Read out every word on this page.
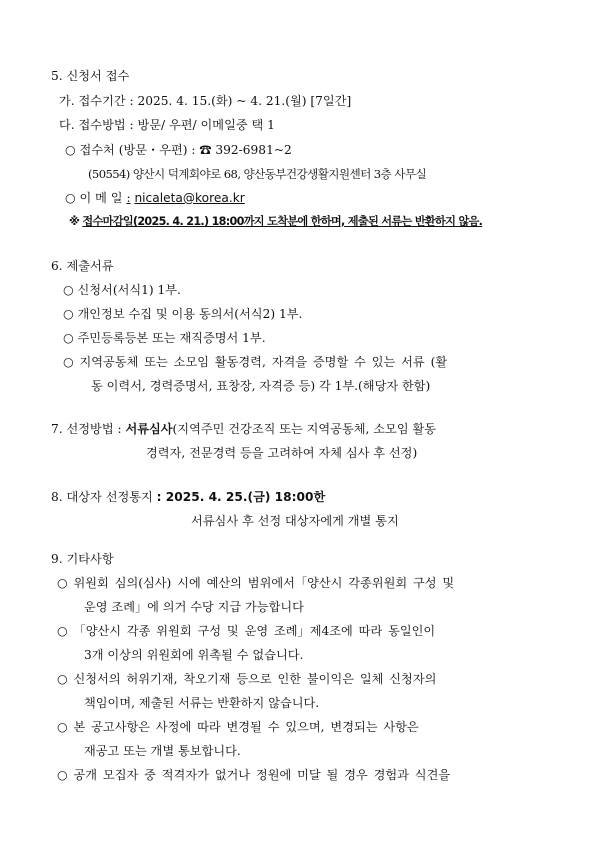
5. 신청서 접수
가. 접수기간 : 2025. 4. 15.(화) ~ 4. 21.(월) [7일간]
다. 접수방법 : 방문/ 우편/ 이메일중 택 1
○ 접수처 (방문・우편) : ☎ 392-6981~2
(50554) 양산시 덕계회야로 68, 양산동부건강생활지원센터 3층 사무실
○ 이 메 일 : nicaleta@korea.kr
※ 접수마감일(2025. 4. 21.) 18:00까지 도착분에 한하며, 제출된 서류는 반환하지 않음.
6. 제출서류
○ 신청서(서식1) 1부.
○ 개인정보 수집 및 이용 동의서(서식2) 1부.
○ 주민등록등본 또는 재직증명서 1부.
○ 지역공동체 또는 소모임 활동경력, 자격을 증명할 수 있는 서류 (활
동 이력서, 경력증명서, 표창장, 자격증 등) 각 1부.(해당자 한함)
7. 선정방법 : 서류심사(지역주민 건강조직 또는 지역공동체, 소모임 활동
경력자, 전문경력 등을 고려하여 자체 심사 후 선정)
8. 대상자 선정통지 : 2025. 4. 25.(금) 18:00한
서류심사 후 선정 대상자에게 개별 통지
9. 기타사항
○ 위원회 심의(심사) 시에 예산의 범위에서「양산시 각종위원회 구성 및
운영 조례」에 의거 수당 지급 가능합니다
○ 「양산시 각종 위원회 구성 및 운영 조례」제4조에 따라 동일인이
3개 이상의 위원회에 위촉될 수 없습니다.
○ 신청서의 허위기재, 착오기재 등으로 인한 불이익은 일체 신청자의
책임이며, 제출된 서류는 반환하지 않습니다.
○ 본 공고사항은 사정에 따라 변경될 수 있으며, 변경되는 사항은
재공고 또는 개별 통보합니다.
○ 공개 모집자 중 적격자가 없거나 정원에 미달 될 경우 경험과 식견을
